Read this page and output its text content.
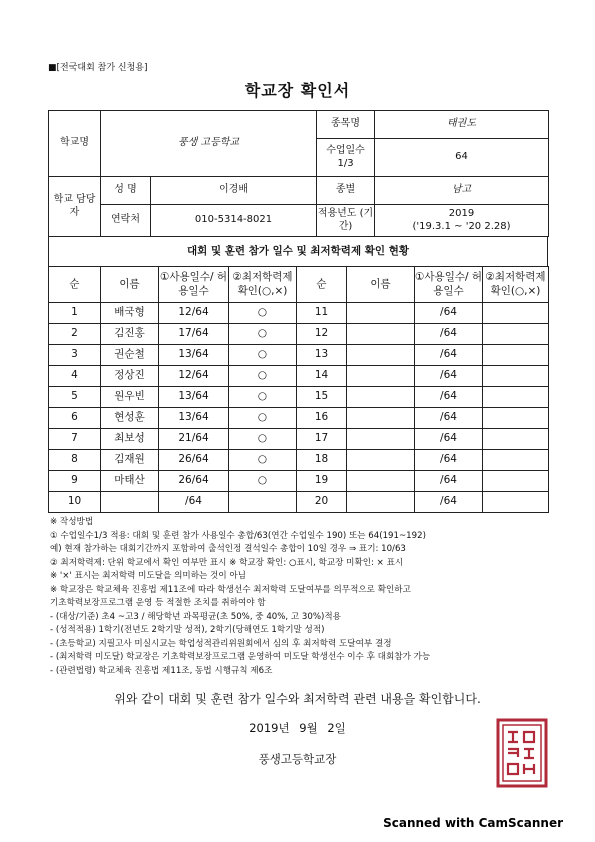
■[전국대회 참가 신청용]
학교장 확인서
학교명	풍생 고등학교		종목명	태권도
			수업일수 1/3	64
학교 담당자	성 명	이경배	종별	남고
	연락처	010-5314-8021	적용년도 (기간)	2019
('19.3.1 ~ '20 2.28)
대회 및 훈련 참가 일수 및 최저학력제 확인 현황
순	이름	①사용일수/ 허용일수	②최저학력제 확인(○,×)	순	이름	①사용일수/ 허용일수	②최저학력제 확인(○,×)
1	배국형	12/64	○	11		/64	
2	김진홍	17/64	○	12		/64	
3	권순철	13/64	○	13		/64	
4	정상진	12/64	○	14		/64	
5	원우빈	13/64	○	15		/64	
6	현성훈	13/64	○	16		/64	
7	최보성	21/64	○	17		/64	
8	김재원	26/64	○	18		/64	
9	마태산	26/64	○	19		/64	
10		/64		20		/64	
※ 작성방법
① 수업일수1/3 적용: 대회 및 훈련 참가 사용일수 총합/63(연간 수업일수 190) 또는 64(191~192)
예) 현재 참가하는 대회기간까지 포함하여 출석인정 결석일수 총합이 10일 경우 ⇒ 표기: 10/63
② 최저학력제: 단위 학교에서 확인 여부만 표시 ※ 학교장 확인: ○표시, 학교장 미확인: × 표시
※ '×' 표시는 최저학력 미도달을 의미하는 것이 아님
※ 학교장은 학교체육 진흥법 제11조에 따라 학생선수 최저학력 도달여부를 의무적으로 확인하고
기초학력보장프로그램 운영 등 적절한 조치를 취하여야 함
- (대상/기준) 초4 ~고3 / 해당학년 과목평균(초 50%, 중 40%, 고 30%)적용
- (성적적용) 1학기(전년도 2학기말 성적), 2학기(당해연도 1학기말 성적)
- (초등학교) 지필고사 미실시교는 학업성적관리위원회에서 심의 후 최저학력 도달여부 결정
- (최저학력 미도달) 학교장은 기초학력보장프로그램 운영하여 미도달 학생선수 이수 후 대회참가 가능
- (관련법령) 학교체육 진흥법 제11조, 동법 시행규칙 제6조
위와 같이 대회 및 훈련 참가 일수와 최저학력 관련 내용을 확인합니다.
2019년 9월 2일
풍생고등학교장
Scanned with CamScanner
